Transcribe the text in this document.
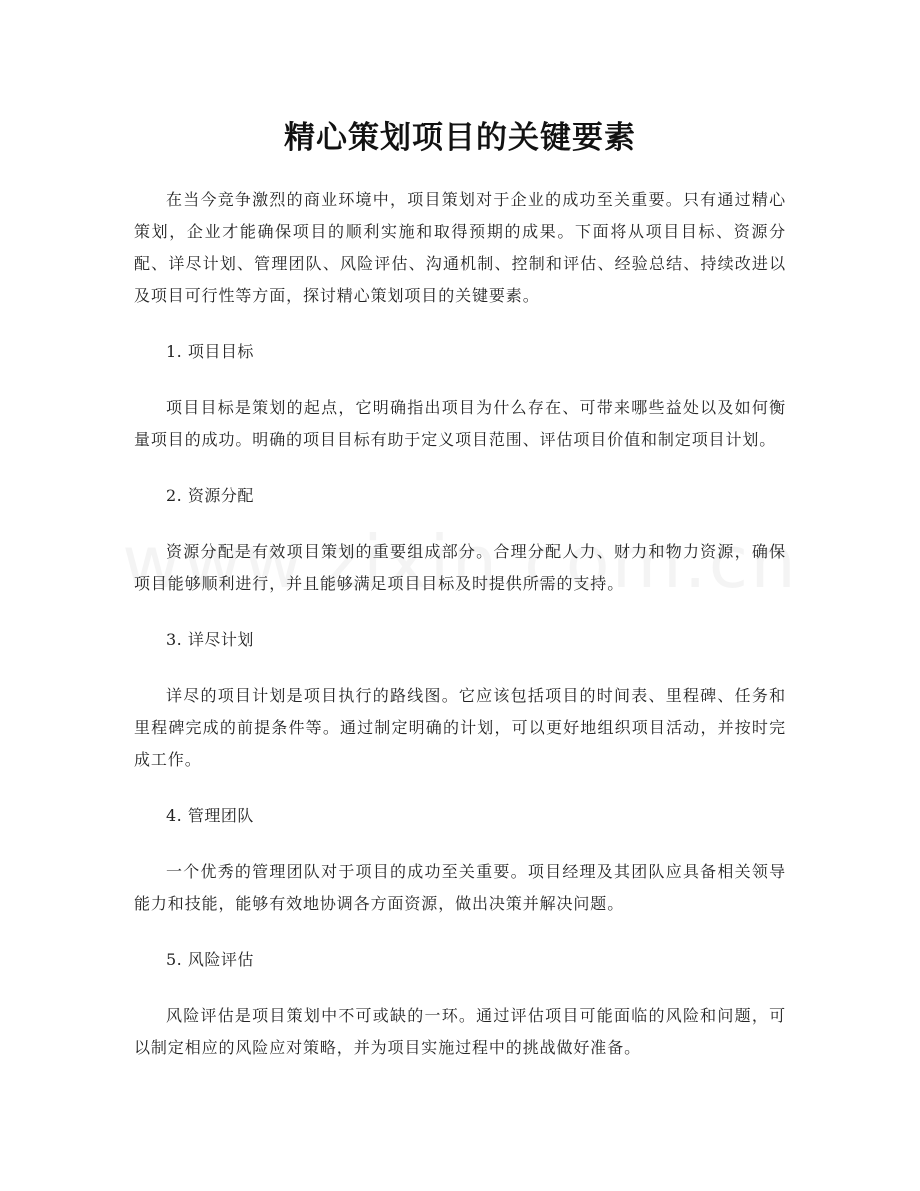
精心策划项目的关键要素

在当今竞争激烈的商业环境中，项目策划对于企业的成功至关重要。只有通过精心策划，企业才能确保项目的顺利实施和取得预期的成果。下面将从项目目标、资源分配、详尽计划、管理团队、风险评估、沟通机制、控制和评估、经验总结、持续改进以及项目可行性等方面，探讨精心策划项目的关键要素。

1. 项目目标

项目目标是策划的起点，它明确指出项目为什么存在、可带来哪些益处以及如何衡量项目的成功。明确的项目目标有助于定义项目范围、评估项目价值和制定项目计划。

2. 资源分配

资源分配是有效项目策划的重要组成部分。合理分配人力、财力和物力资源，确保项目能够顺利进行，并且能够满足项目目标及时提供所需的支持。

3. 详尽计划

详尽的项目计划是项目执行的路线图。它应该包括项目的时间表、里程碑、任务和里程碑完成的前提条件等。通过制定明确的计划，可以更好地组织项目活动，并按时完成工作。

4. 管理团队

一个优秀的管理团队对于项目的成功至关重要。项目经理及其团队应具备相关领导能力和技能，能够有效地协调各方面资源，做出决策并解决问题。

5. 风险评估

风险评估是项目策划中不可或缺的一环。通过评估项目可能面临的风险和问题，可以制定相应的风险应对策略，并为项目实施过程中的挑战做好准备。
